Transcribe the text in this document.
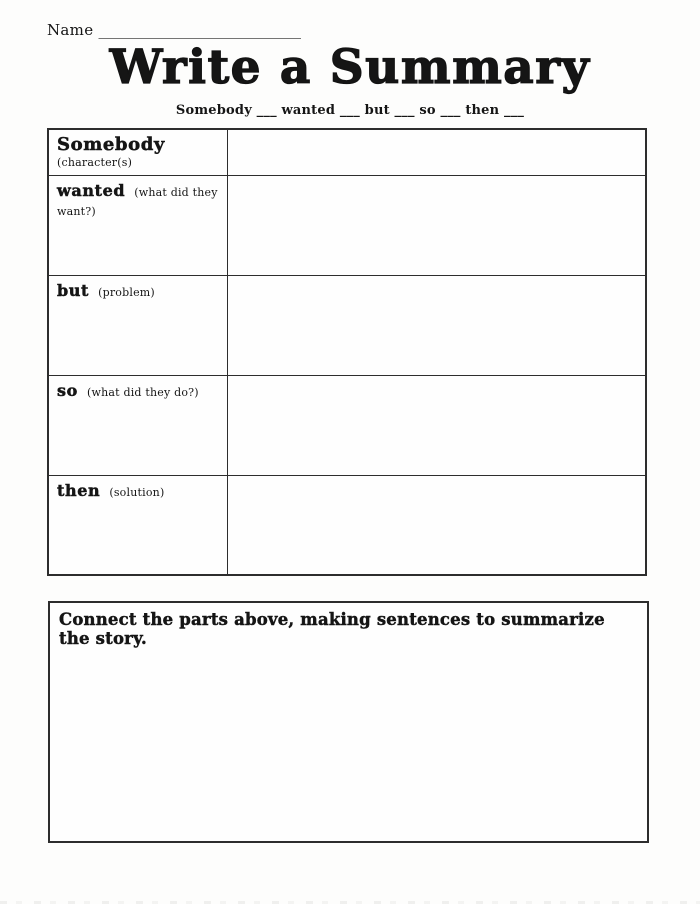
Name ___________________________
Write a Summary
Somebody ___ wanted ___ but ___ so ___ then ___
Somebody
(character(s)
wanted (what did they want?)
but (problem)
so (what did they do?)
then (solution)
Connect the parts above, making sentences to summarize the story.
